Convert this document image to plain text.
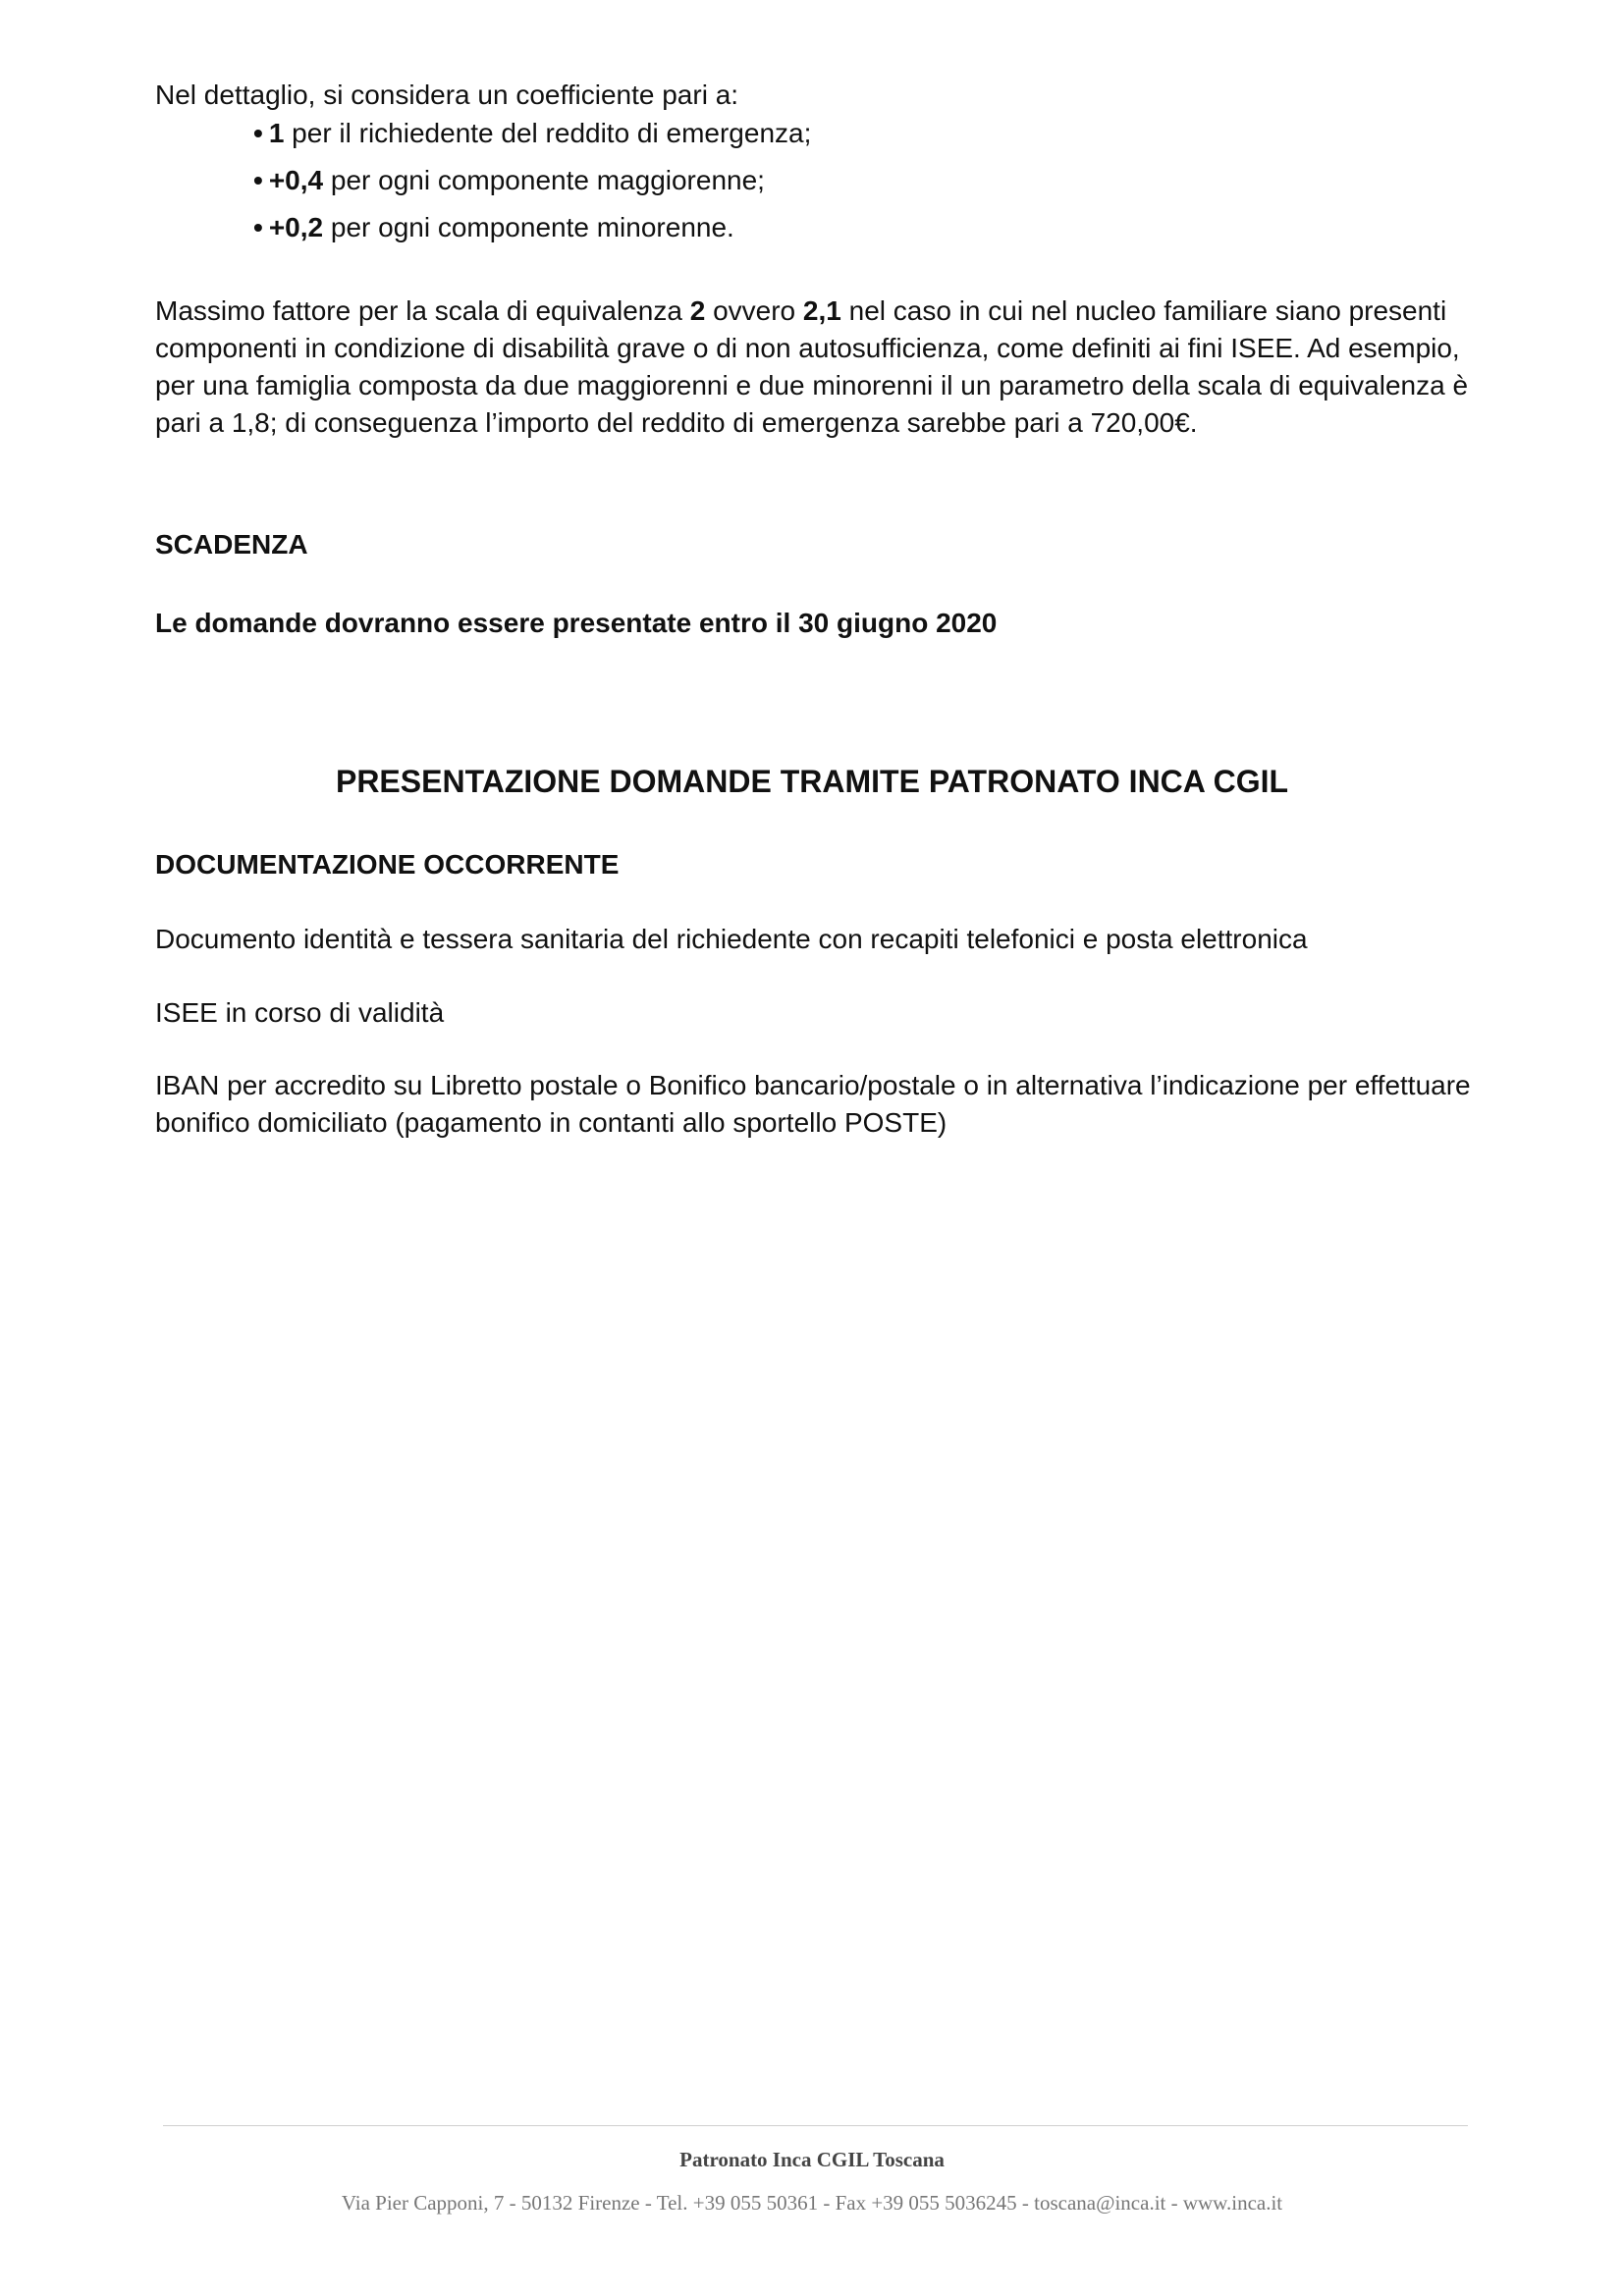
Nel dettaglio, si considera un coefficiente pari a:

• 1 per il richiedente del reddito di emergenza;
• +0,4 per ogni componente maggiorenne;
• +0,2 per ogni componente minorenne.

Massimo fattore per la scala di equivalenza 2 ovvero 2,1 nel caso in cui nel nucleo familiare siano presenti componenti in condizione di disabilità grave o di non autosufficienza, come definiti ai fini ISEE. Ad esempio, per una famiglia composta da due maggiorenni e due minorenni il un parametro della scala di equivalenza è pari a 1,8; di conseguenza l’importo del reddito di emergenza sarebbe pari a 720,00€.

SCADENZA

Le domande dovranno essere presentate entro il 30 giugno 2020

PRESENTAZIONE DOMANDE TRAMITE PATRONATO INCA CGIL

DOCUMENTAZIONE OCCORRENTE

Documento identità e tessera sanitaria del richiedente con recapiti telefonici e posta elettronica

ISEE in corso di validità

IBAN per accredito su Libretto postale o Bonifico bancario/postale o in alternativa l’indicazione per effettuare bonifico domiciliato (pagamento in contanti allo sportello POSTE)

Patronato Inca CGIL Toscana

Via Pier Capponi, 7 - 50132 Firenze - Tel. +39 055 50361 - Fax +39 055 5036245 - toscana@inca.it - www.inca.it
